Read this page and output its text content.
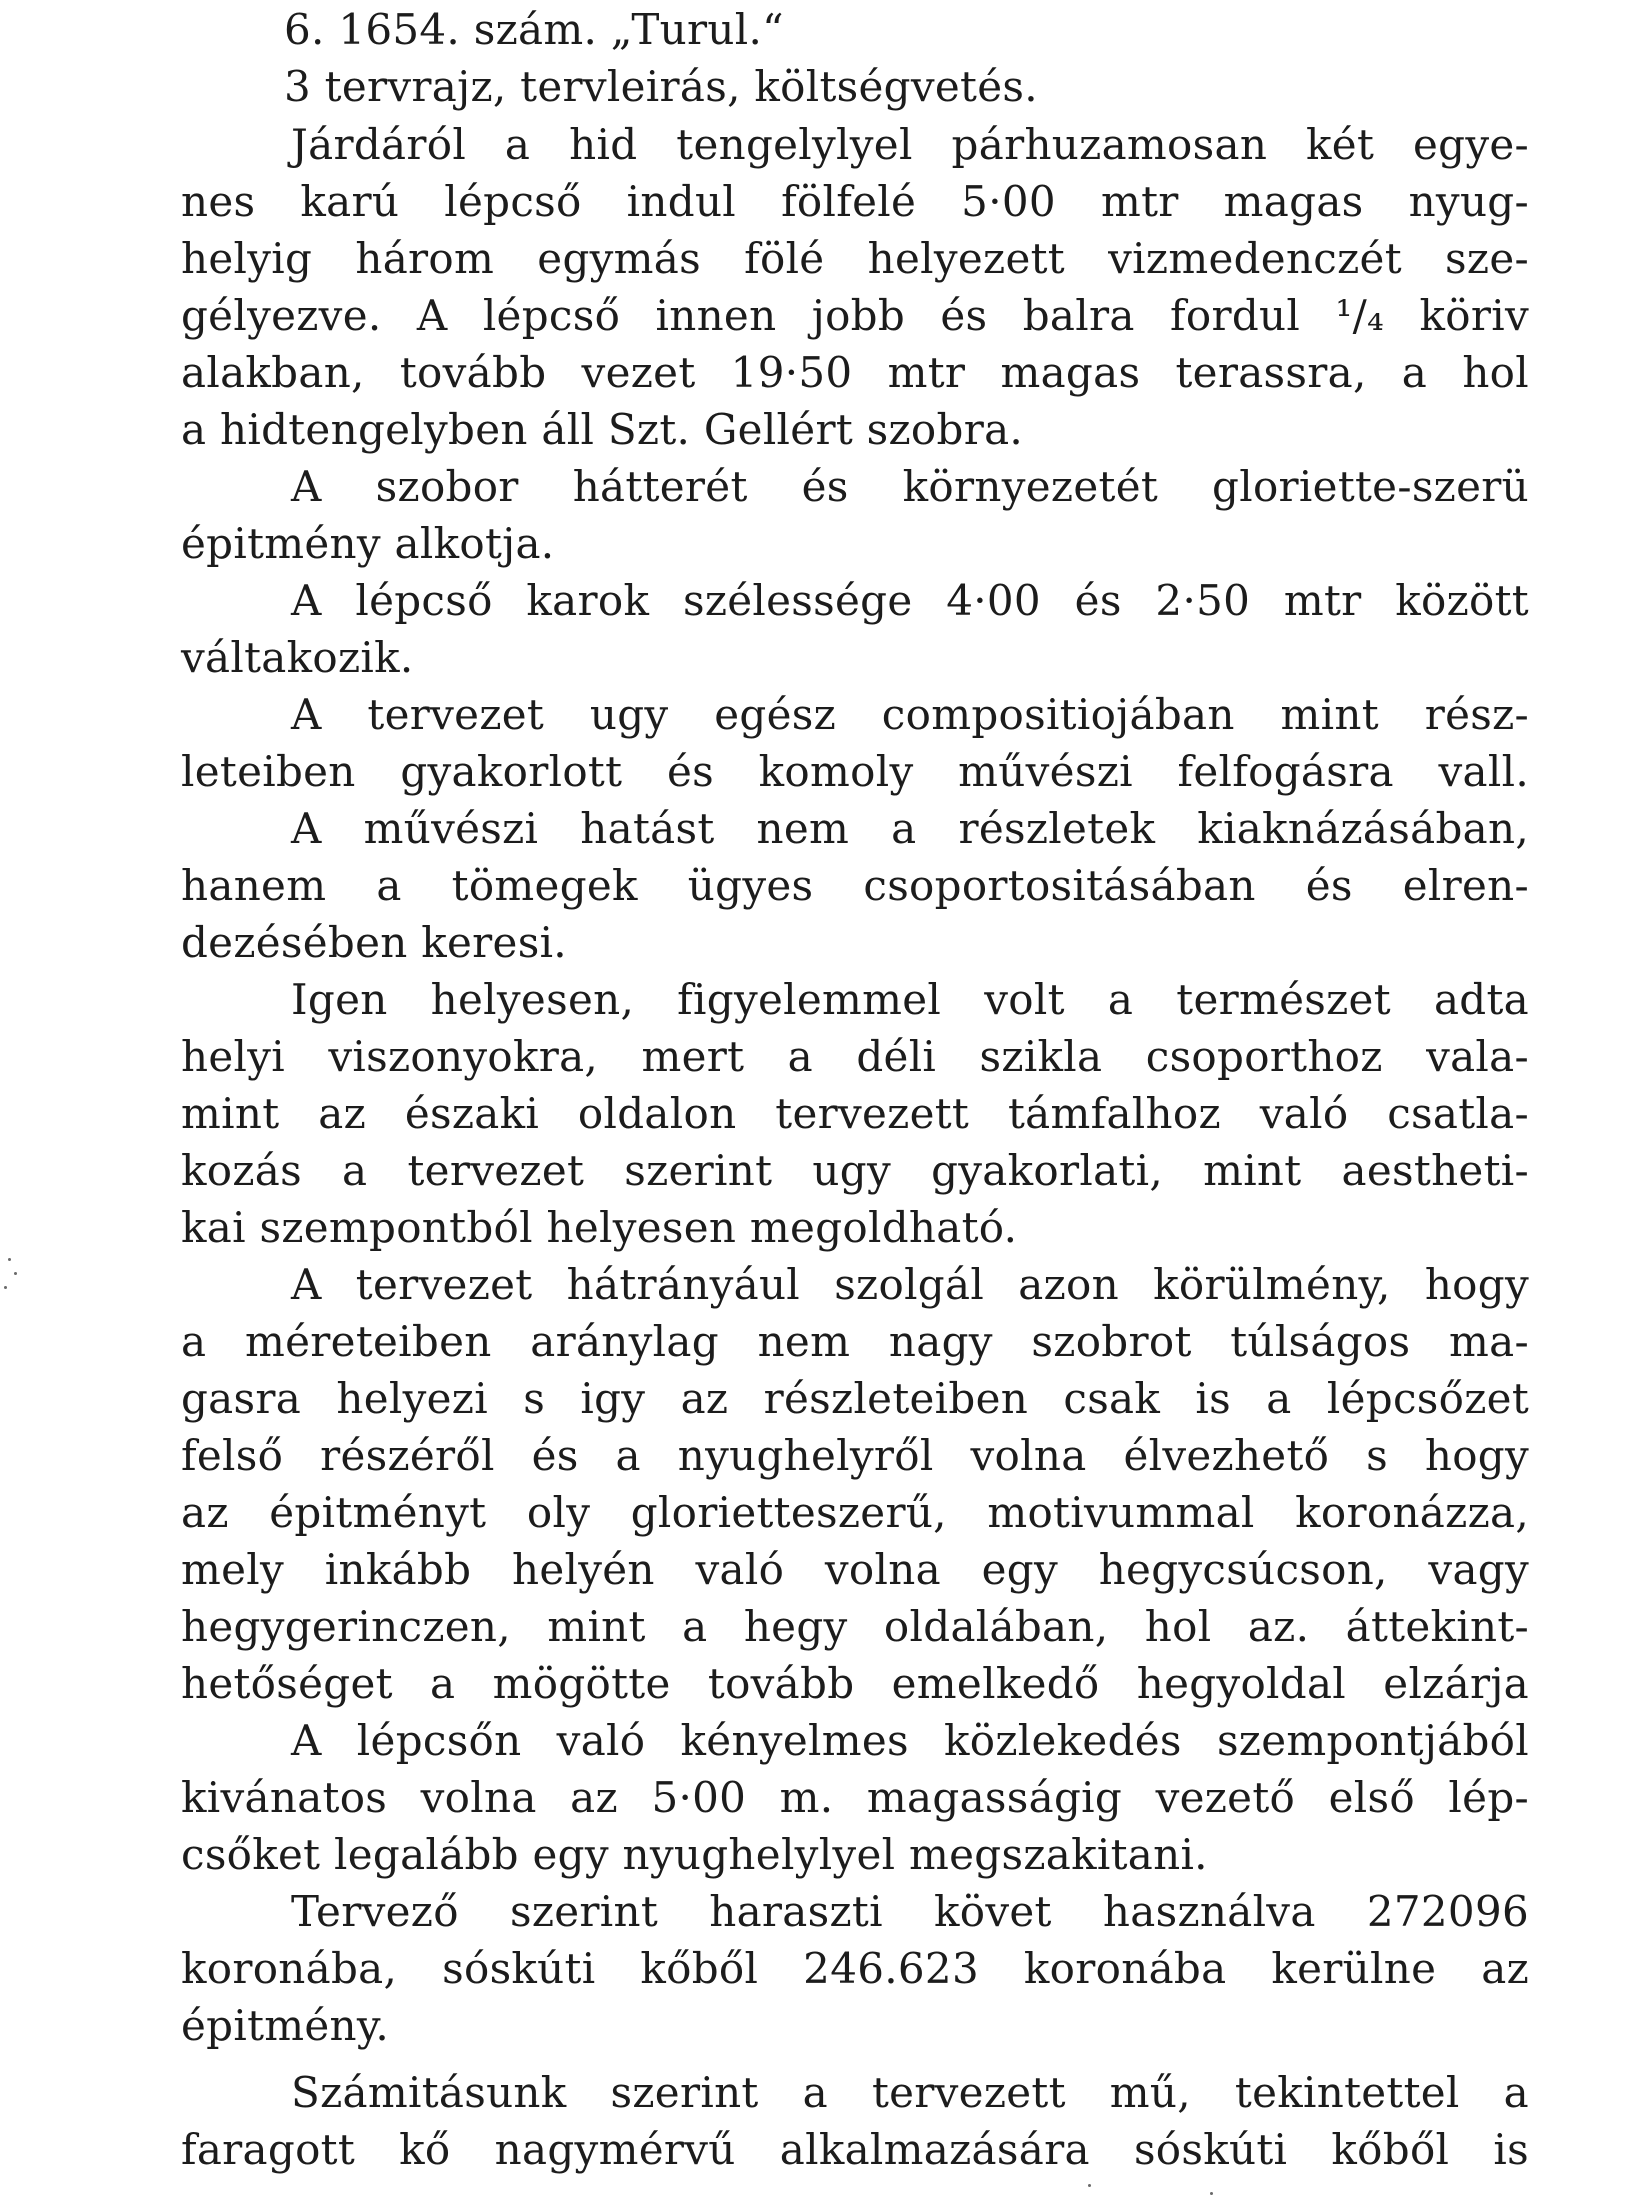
6. 1654. szám. „Turul.“
3 tervrajz, tervleirás, költségvetés.
Járdáról a hid tengelylyel párhuzamosan két egye-
nes karú lépcső indul fölfelé 5·00 mtr magas nyug-
helyig három egymás fölé helyezett vizmedenczét sze-
gélyezve. A lépcső innen jobb és balra fordul ¹/₄ köriv
alakban, tovább vezet 19·50 mtr magas terassra, a hol
a hidtengelyben áll Szt. Gellért szobra.
A szobor hátterét és környezetét gloriette-szerü
épitmény alkotja.
A lépcső karok szélessége 4·00 és 2·50 mtr között
váltakozik.
A tervezet ugy egész compositiojában mint rész-
leteiben gyakorlott és komoly művészi felfogásra vall.
A művészi hatást nem a részletek kiaknázásában,
hanem a tömegek ügyes csoportositásában és elren-
dezésében keresi.
Igen helyesen, figyelemmel volt a természet adta
helyi viszonyokra, mert a déli szikla csoporthoz vala-
mint az északi oldalon tervezett támfalhoz való csatla-
kozás a tervezet szerint ugy gyakorlati, mint aestheti-
kai szempontból helyesen megoldható.
A tervezet hátrányául szolgál azon körülmény, hogy
a méreteiben aránylag nem nagy szobrot túlságos ma-
gasra helyezi s igy az részleteiben csak is a lépcsőzet
felső részéről és a nyughelyről volna élvezhető s hogy
az épitményt oly glorietteszerű, motivummal koronázza,
mely inkább helyén való volna egy hegycsúcson, vagy
hegygerinczen, mint a hegy oldalában, hol az. áttekint-
hetőséget a mögötte tovább emelkedő hegyoldal elzárja
A lépcsőn való kényelmes közlekedés szempontjából
kivánatos volna az 5·00 m. magasságig vezető első lép-
csőket legalább egy nyughelylyel megszakitani.
Tervező szerint haraszti követ használva 272096
koronába, sóskúti kőből 246.623 koronába kerülne az
épitmény.
Számitásunk szerint a tervezett mű, tekintettel a
faragott kő nagymérvű alkalmazására sóskúti kőből is
